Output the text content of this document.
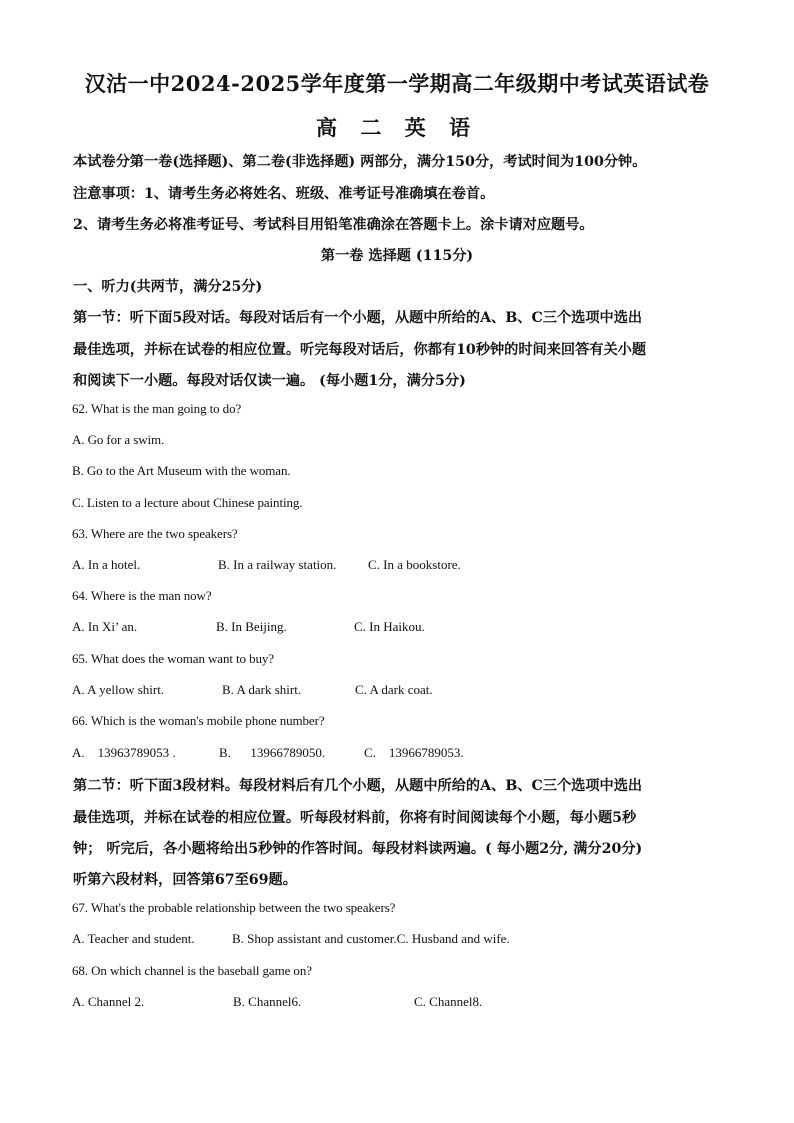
汉沽一中2024-2025学年度第一学期高二年级期中考试英语试卷
高 二 英 语
本试卷分第一卷(选择题)、第二卷(非选择题) 两部分，满分150分，考试时间为100分钟。
注意事项：1、请考生务必将姓名、班级、准考证号准确填在卷首。
2、请考生务必将准考证号、考试科目用铅笔准确涂在答题卡上。涂卡请对应题号。
第一卷 选择题 (115分)
一、听力(共两节，满分25分)
第一节：听下面5段对话。每段对话后有一个小题，从题中所给的A、B、C三个选项中选出
最佳选项，并标在试卷的相应位置。听完每段对话后，你都有10秒钟的时间来回答有关小题
和阅读下一小题。每段对话仅读一遍。 (每小题1分，满分5分)
62. What is the man going to do?
A. Go for a swim.
B. Go to the Art Museum with the woman.
C. Listen to a lecture about Chinese painting.
63. Where are the two speakers?
A. In a hotel.	B. In a railway station. C. In a bookstore.
64. Where is the man now?
A. In Xi’ an.	B. In Beijing.	C. In Haikou.
65. What does the woman want to buy?
A. A yellow shirt.	B. A dark shirt.	C. A dark coat.
66. Which is the woman's mobile phone number?
A.    13963789053 .	B.      13966789050.	C.    13966789053.
第二节：听下面3段材料。每段材料后有几个小题，从题中所给的A、B、C三个选项中选出
最佳选项，并标在试卷的相应位置。听每段材料前，你将有时间阅读每个小题，每小题5秒
钟； 听完后，各小题将给出5秒钟的作答时间。每段材料读两遍。( 每小题2分, 满分20分)
听第六段材料，回答第67至69题。
67. What's the probable relationship between the two speakers?
A. Teacher and student.	B. Shop assistant and customer.C. Husband and wife.
68. On which channel is the baseball game on?
A. Channel 2.	B. Channel6.	C. Channel8.
